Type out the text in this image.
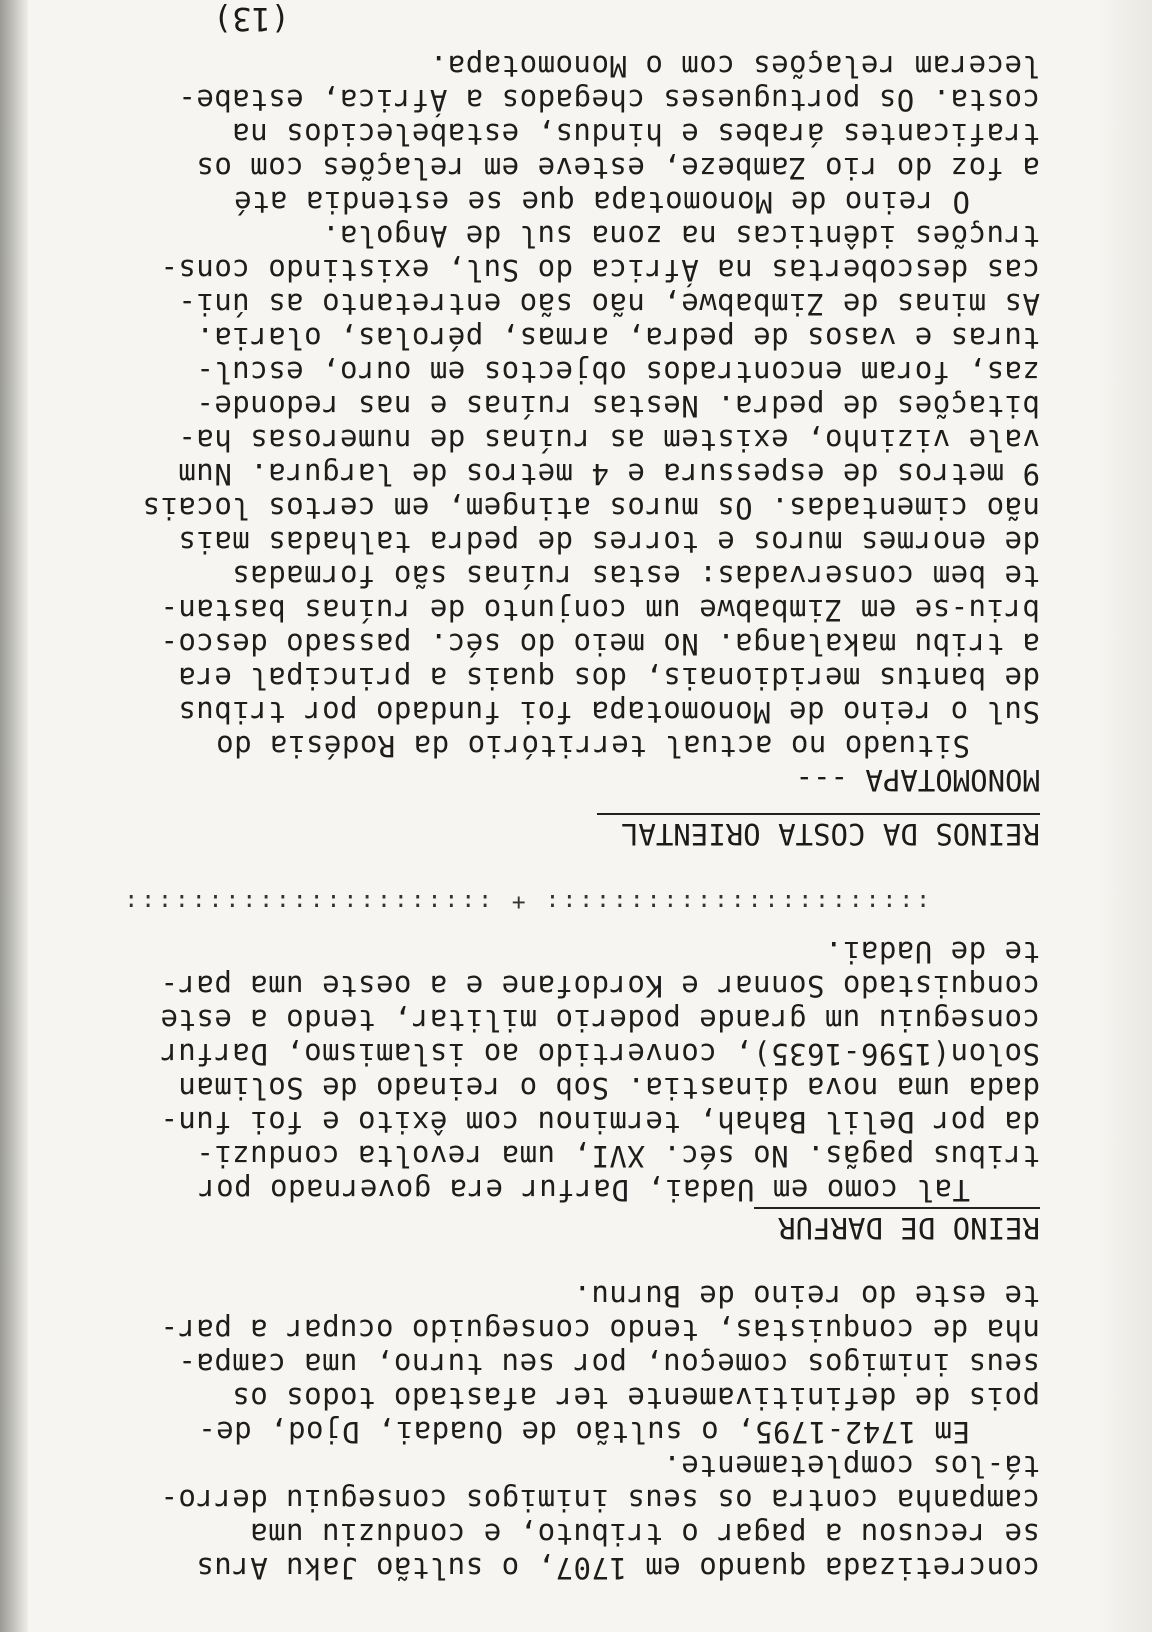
concretizada quando em 1707, o sultão Jaku Arus
se recusou a pagar o tributo, e conduziu uma
campanha contra os seus inimigos conseguiu derro-
tá-los completamente.
Em 1742-1795, o sultão de Ouadai, Djod, de-
pois de definitivamente ter afastado todos os
seus inimigos começou, por seu turno, uma campa-
nha de conquistas, tendo conseguido ocupar a par-
te este do reino de Burnu.
REINO DE DARFUR
Tal como em Uadai, Darfur era governado por
tribus pagãs. No séc. XVI, uma revolta conduzi-
da por Delil Bahah, terminou com êxito e foi fun-
dada uma nova dinastia. Sob o reinado de Soliman
Solon(1596-1635), convertido ao islamismo, Darfur
conseguiu um grande poderio militar, tendo a este
conquistado Sonnar e Kordofane e a oeste uma par-
te de Uadai.
::::::::::::::::::::::: + ::::::::::::::::::::::
REINOS DA COSTA ORIENTAL
MONOMOTAPA ---
Situado no actual território da Rodésia do
Sul o reino de Monomotapa foi fundado por tribus
de bantus meridionais, dos quais a principal era
a tribu makalanga. No meio do séc. passado desco-
briu-se em Zimbabwe um conjunto de ruínas bastan-
te bem conservadas: estas ruínas são formadas
de enormes muros e torres de pedra talhadas mais
não cimentadas. Os muros atingem, em certos locais
9 metros de espessura e 4 metros de largura. Num
vale vizinho, existem as ruínas de numerosas ha-
bitações de pedra. Nestas ruínas e nas redonde-
zas, foram encontrados objectos em ouro, escul-
turas e vasos de pedra, armas, pérolas, olaria.
As minas de Zimbabwe, não são entretanto as úni-
cas descobertas na África do Sul, existindo cons-
truções idênticas na zona sul de Angola.
O reino de Monomotapa que se estendia até
a foz do rio Zambeze, esteve em relações com os
traficantes árabes e hindus, estabelecidos na
costa. Os portugueses chegados a África, estabe-
leceram relações com o Monomotapa.
(13)
